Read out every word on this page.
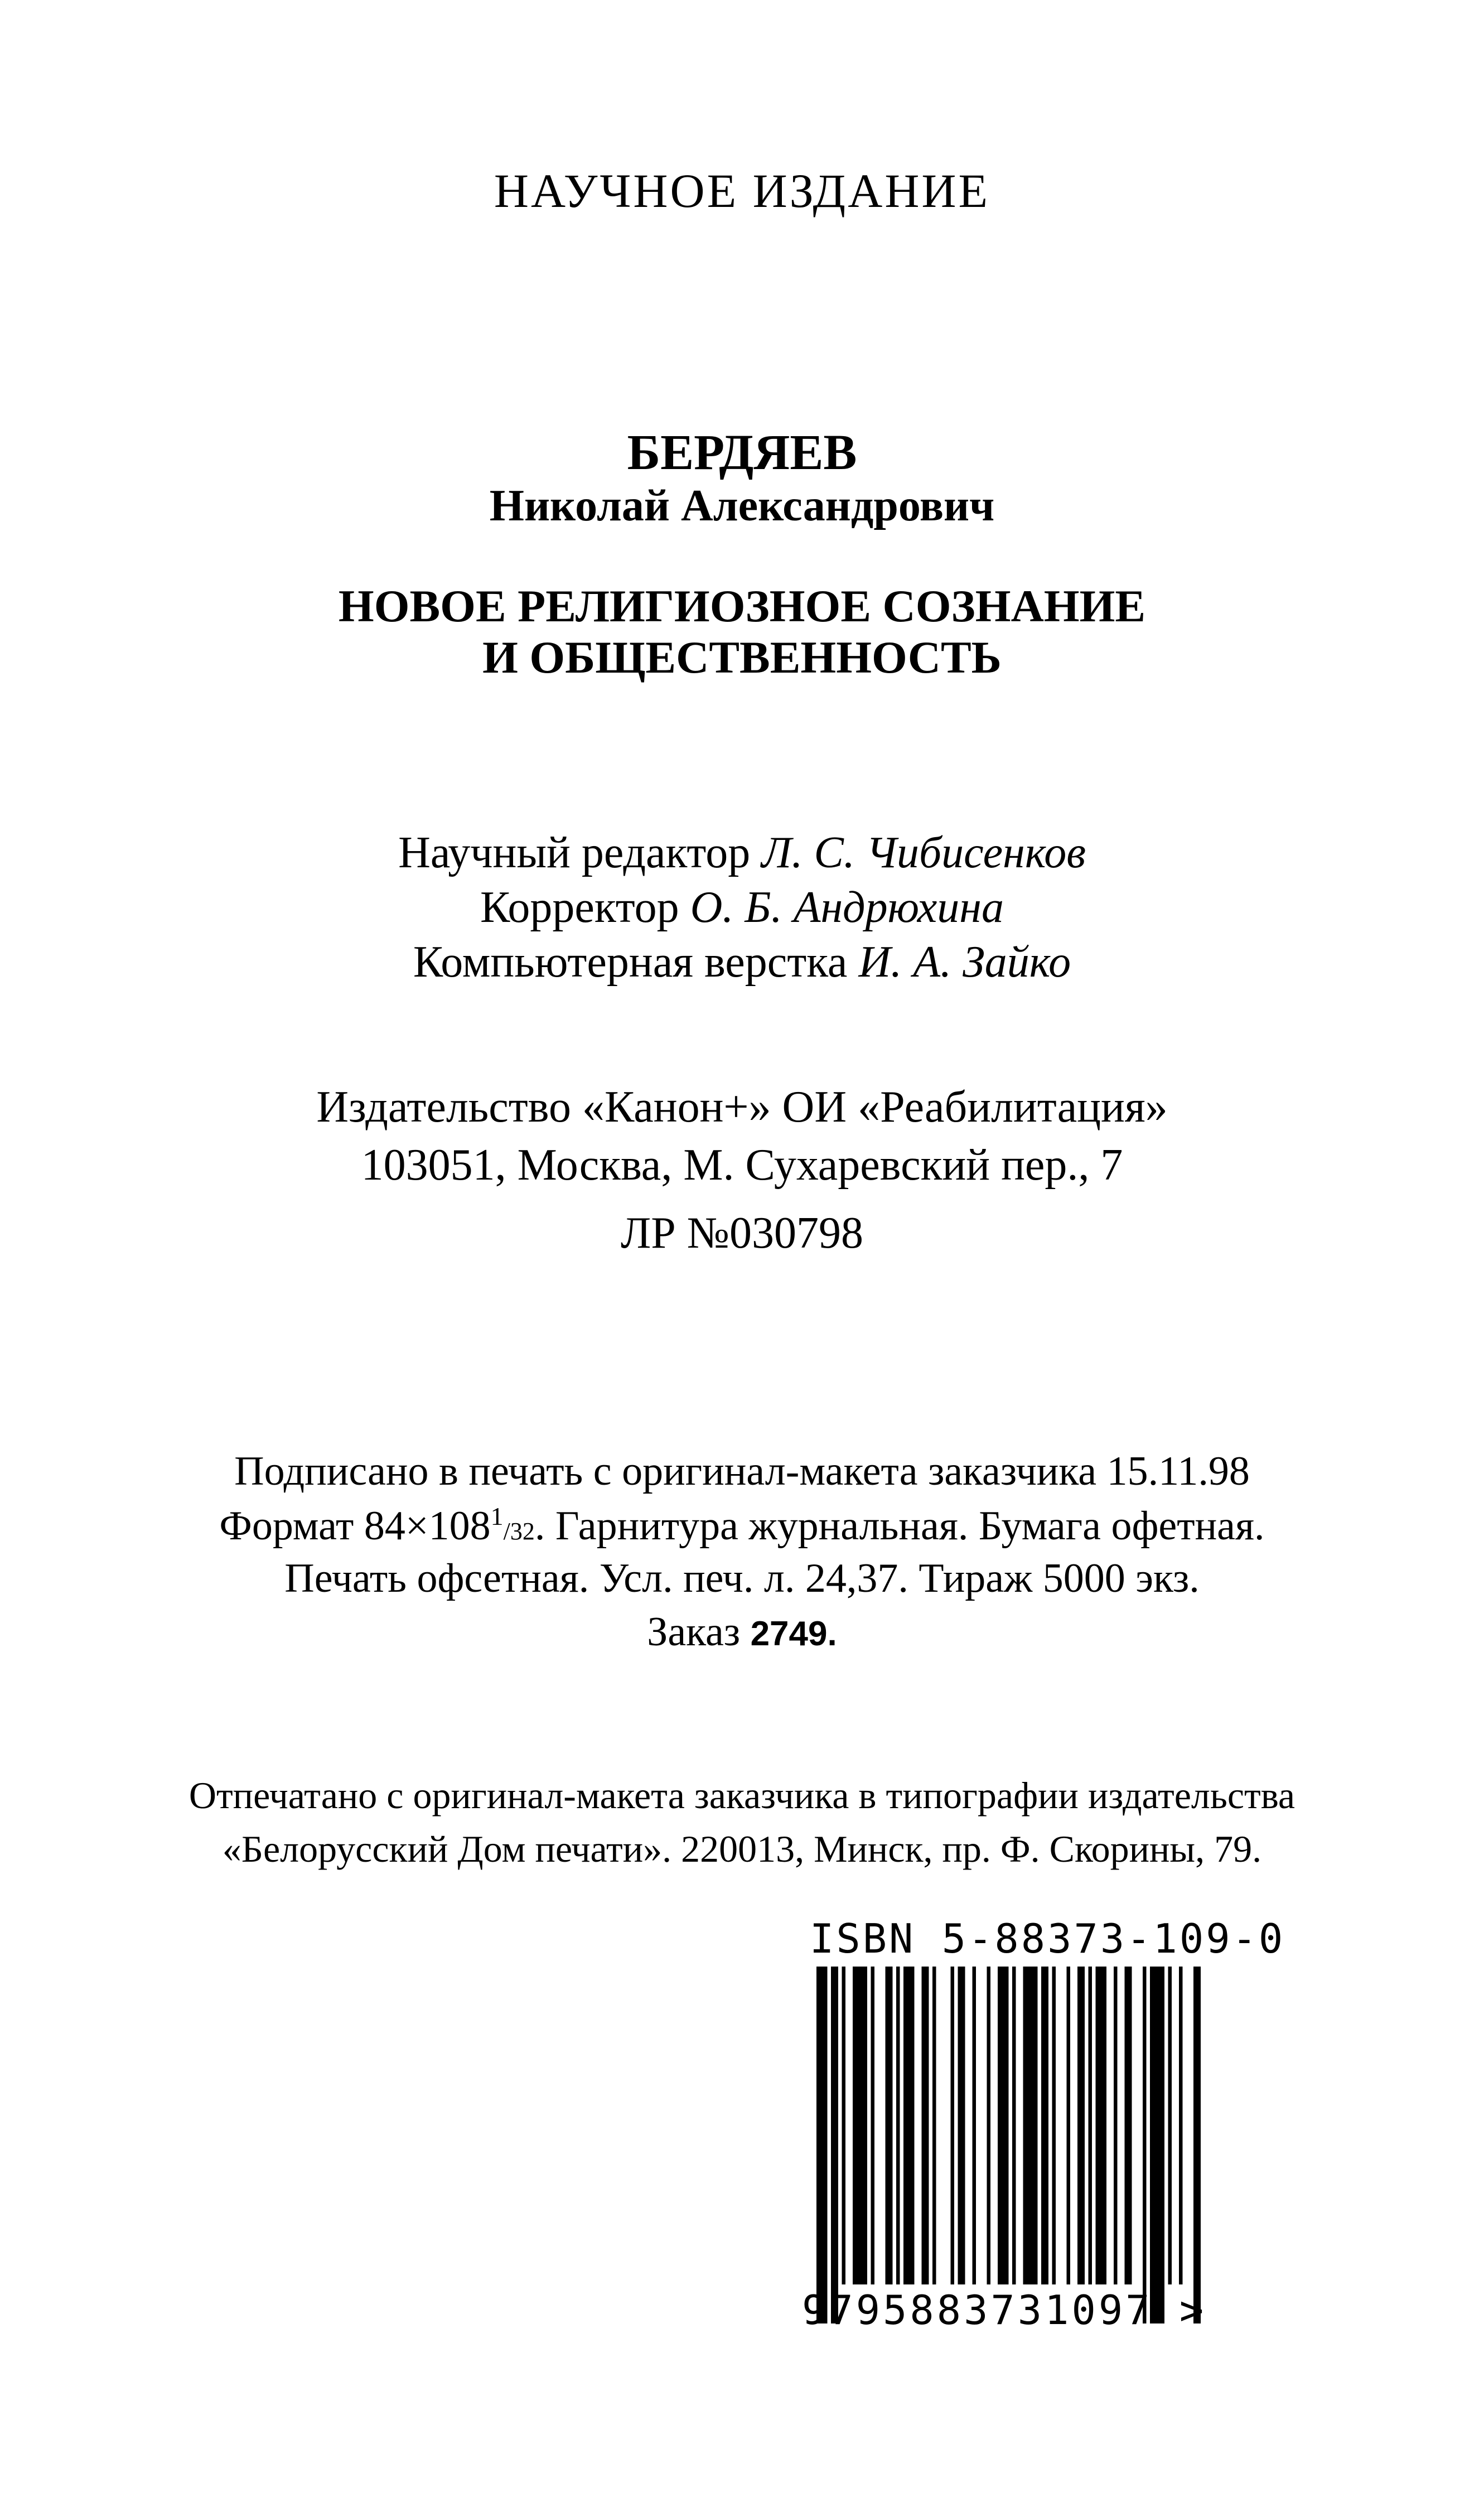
НАУЧНОЕ ИЗДАНИЕ
БЕРДЯЕВ
Николай Александрович
НОВОЕ РЕЛИГИОЗНОЕ СОЗНАНИЕ
И ОБЩЕСТВЕННОСТЬ
Научный редактор Л. С. Чибисенков
Корректор О. Б. Андрюхина
Компьютерная верстка И. А. Зайко
Издательство «Канон+» ОИ «Реабилитация»
103051, Москва, М. Сухаревский пер., 7
ЛР №030798
Подписано в печать с оригинал-макета заказчика 15.11.98
Формат $84\times 108^1/32$. Гарнитура журнальная. Бумага офетная.
Печать офсетная. Усл. печ. л. 24,37. Тираж 5000 экз.
Заказ 2749.
Отпечатано с оригинал-макета заказчика в типографии издательства
«Белорусский Дом печати». 220013, Минск, пр. Ф. Скорины, 79.
ISBN 5-88373-109-0
9795883731097 >
